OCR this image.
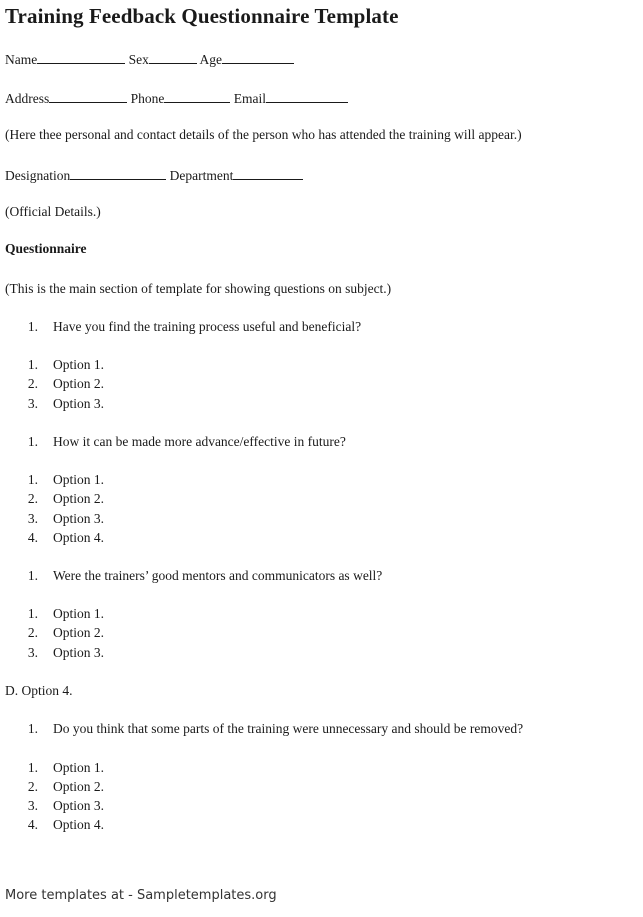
Training Feedback Questionnaire Template
Name	Sex	Age
Address	Phone	Email
(Here thee personal and contact details of the person who has attended the training will appear.)
Designation	Department
(Official Details.)
Questionnaire
(This is the main section of template for showing questions on subject.)
1. Have you find the training process useful and beneficial?
1. Option 1.
2. Option 2.
3. Option 3.
1. How it can be made more advance/effective in future?
1. Option 1.
2. Option 2.
3. Option 3.
4. Option 4.
1. Were the trainers’ good mentors and communicators as well?
1. Option 1.
2. Option 2.
3. Option 3.
D. Option 4.
1. Do you think that some parts of the training were unnecessary and should be removed?
1. Option 1.
2. Option 2.
3. Option 3.
4. Option 4.
More templates at - Sampletemplates.org
